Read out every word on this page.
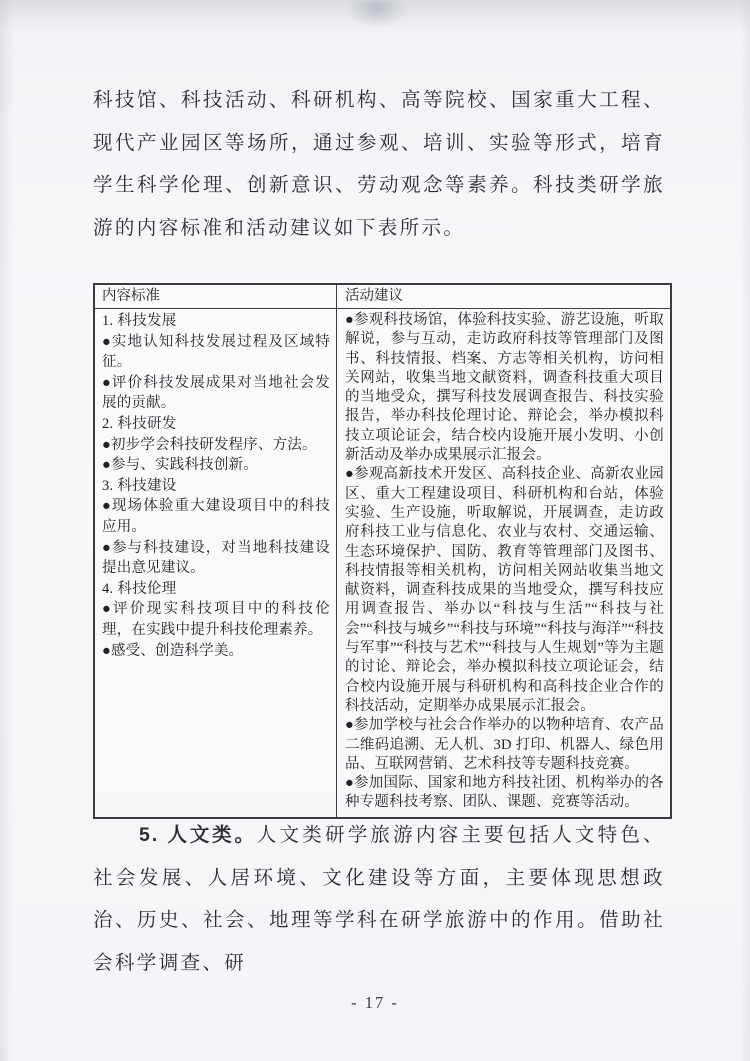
科技馆、科技活动、科研机构、高等院校、国家重大工程、现代产业园区等场所，通过参观、培训、实验等形式，培育学生科学伦理、创新意识、劳动观念等素养。科技类研学旅游的内容标准和活动建议如下表所示。
内容标准	活动建议
1. 科技发展
●实地认知科技发展过程及区域特征。
●评价科技发展成果对当地社会发展的贡献。
2. 科技研发
●初步学会科技研发程序、方法。
●参与、实践科技创新。
3. 科技建设
●现场体验重大建设项目中的科技应用。
●参与科技建设，对当地科技建设提出意见建议。
4. 科技伦理
●评价现实科技项目中的科技伦理，在实践中提升科技伦理素养。
●感受、创造科学美。
●参观科技场馆，体验科技实验、游艺设施，听取解说，参与互动，走访政府科技等管理部门及图书、科技情报、档案、方志等相关机构，访问相关网站，收集当地文献资料，调查科技重大项目的当地受众，撰写科技发展调查报告、科技实验报告，举办科技伦理讨论、辩论会，举办模拟科技立项论证会，结合校内设施开展小发明、小创新活动及举办成果展示汇报会。
●参观高新技术开发区、高科技企业、高新农业园区、重大工程建设项目、科研机构和台站，体验实验、生产设施，听取解说，开展调查，走访政府科技工业与信息化、农业与农村、交通运输、生态环境保护、国防、教育等管理部门及图书、科技情报等相关机构，访问相关网站收集当地文献资料，调查科技成果的当地受众，撰写科技应用调查报告、举办以“科技与生活”“科技与社会”“科技与城乡”“科技与环境”“科技与海洋”“科技与军事”“科技与艺术”“科技与人生规划”等为主题的讨论、辩论会，举办模拟科技立项论证会，结合校内设施开展与科研机构和高科技企业合作的科技活动，定期举办成果展示汇报会。
●参加学校与社会合作举办的以物种培育、农产品二维码追溯、无人机、3D 打印、机器人、绿色用品、互联网营销、艺术科技等专题科技竞赛。
●参加国际、国家和地方科技社团、机构举办的各种专题科技考察、团队、课题、竞赛等活动。
5. 人文类。人文类研学旅游内容主要包括人文特色、社会发展、人居环境、文化建设等方面，主要体现思想政治、历史、社会、地理等学科在研学旅游中的作用。借助社会科学调查、研
- 17 -
